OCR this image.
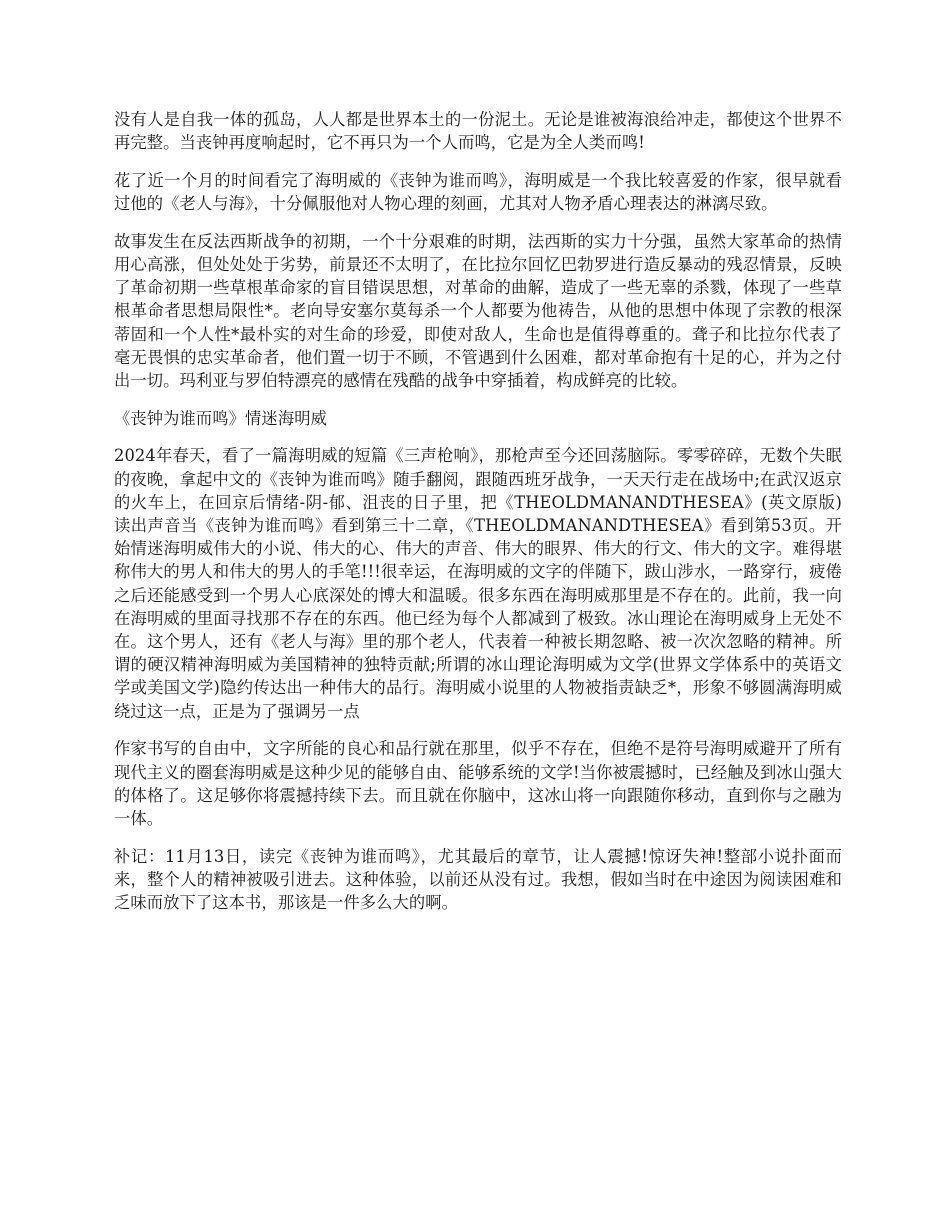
没有人是自我一体的孤岛，人人都是世界本土的一份泥土。无论是谁被海浪给冲走，都使这个世界不再完整。当丧钟再度响起时，它不再只为一个人而鸣，它是为全人类而鸣!

花了近一个月的时间看完了海明威的《丧钟为谁而鸣》，海明威是一个我比较喜爱的作家，很早就看过他的《老人与海》，十分佩服他对人物心理的刻画，尤其对人物矛盾心理表达的淋漓尽致。

故事发生在反法西斯战争的初期，一个十分艰难的时期，法西斯的实力十分强，虽然大家革命的热情用心高涨，但处处处于劣势，前景还不太明了，在比拉尔回忆巴勃罗进行造反暴动的残忍情景，反映了革命初期一些草根革命家的盲目错误思想，对革命的曲解，造成了一些无辜的杀戮，体现了一些草根革命者思想局限性*。老向导安塞尔莫每杀一个人都要为他祷告，从他的思想中体现了宗教的根深蒂固和一个人性*最朴实的对生命的珍爱，即使对敌人，生命也是值得尊重的。聋子和比拉尔代表了毫无畏惧的忠实革命者，他们置一切于不顾，不管遇到什么困难，都对革命抱有十足的心，并为之付出一切。玛利亚与罗伯特漂亮的感情在残酷的战争中穿插着，构成鲜亮的比较。

《丧钟为谁而鸣》情迷海明威

2024年春天，看了一篇海明威的短篇《三声枪响》，那枪声至今还回荡脑际。零零碎碎，无数个失眠的夜晚，拿起中文的《丧钟为谁而鸣》随手翻阅，跟随西班牙战争，一天天行走在战场中;在武汉返京的火车上，在回京后情绪-阴-郁、沮丧的日子里，把《THEOLDMANANDTHESEA》(英文原版)读出声音当《丧钟为谁而鸣》看到第三十二章，《THEOLDMANANDTHESEA》看到第53页。开始情迷海明威伟大的小说、伟大的心、伟大的声音、伟大的眼界、伟大的行文、伟大的文字。难得堪称伟大的男人和伟大的男人的手笔!!!很幸运，在海明威的文字的伴随下，跋山涉水，一路穿行，疲倦之后还能感受到一个男人心底深处的博大和温暖。很多东西在海明威那里是不存在的。此前，我一向在海明威的里面寻找那不存在的东西。他已经为每个人都减到了极致。冰山理论在海明威身上无处不在。这个男人，还有《老人与海》里的那个老人，代表着一种被长期忽略、被一次次忽略的精神。所谓的硬汉精神海明威为美国精神的独特贡献;所谓的冰山理论海明威为文学(世界文学体系中的英语文学或美国文学)隐约传达出一种伟大的品行。海明威小说里的人物被指责缺乏*，形象不够圆满海明威绕过这一点，正是为了强调另一点

作家书写的自由中，文字所能的良心和品行就在那里，似乎不存在，但绝不是符号海明威避开了所有现代主义的圈套海明威是这种少见的能够自由、能够系统的文学!当你被震撼时，已经触及到冰山强大的体格了。这足够你将震撼持续下去。而且就在你脑中，这冰山将一向跟随你移动，直到你与之融为一体。

补记：11月13日，读完《丧钟为谁而鸣》，尤其最后的章节，让人震撼!惊讶失神!整部小说扑面而来，整个人的精神被吸引进去。这种体验，以前还从没有过。我想，假如当时在中途因为阅读困难和乏味而放下了这本书，那该是一件多么大的啊。
